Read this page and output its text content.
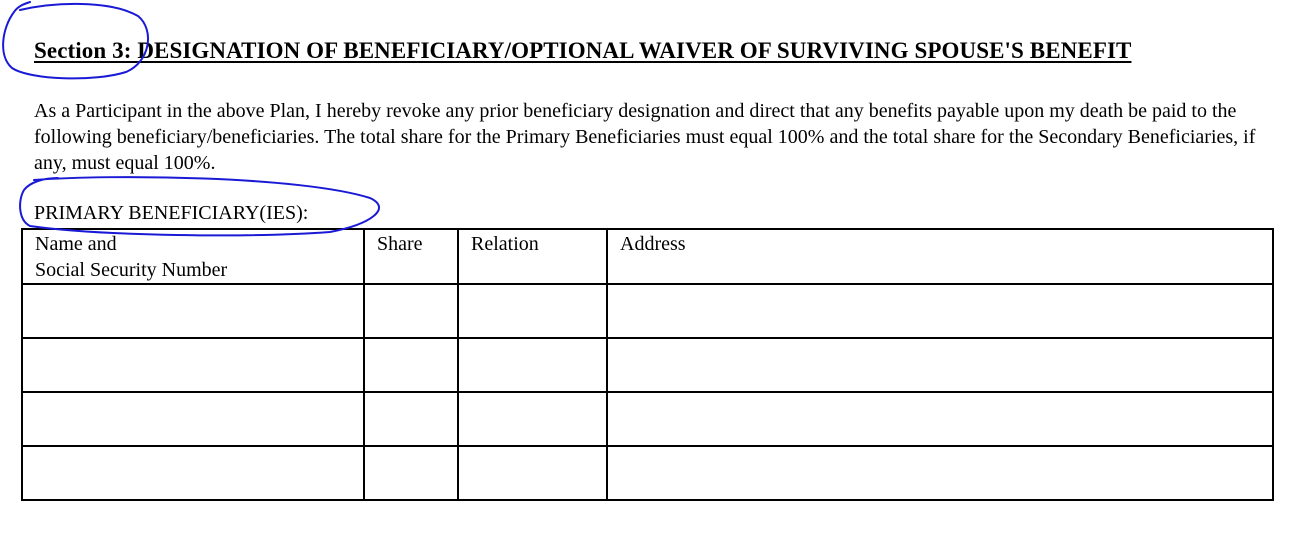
Section 3: DESIGNATION OF BENEFICIARY/OPTIONAL WAIVER OF SURVIVING SPOUSE'S BENEFIT
As a Participant in the above Plan, I hereby revoke any prior beneficiary designation and direct that any benefits payable upon my death be paid to the following beneficiary/beneficiaries. The total share for the Primary Beneficiaries must equal 100% and the total share for the Secondary Beneficiaries, if any, must equal 100%.
PRIMARY BENEFICIARY(IES):
Name and
Social Security Number	Share	Relation	Address
